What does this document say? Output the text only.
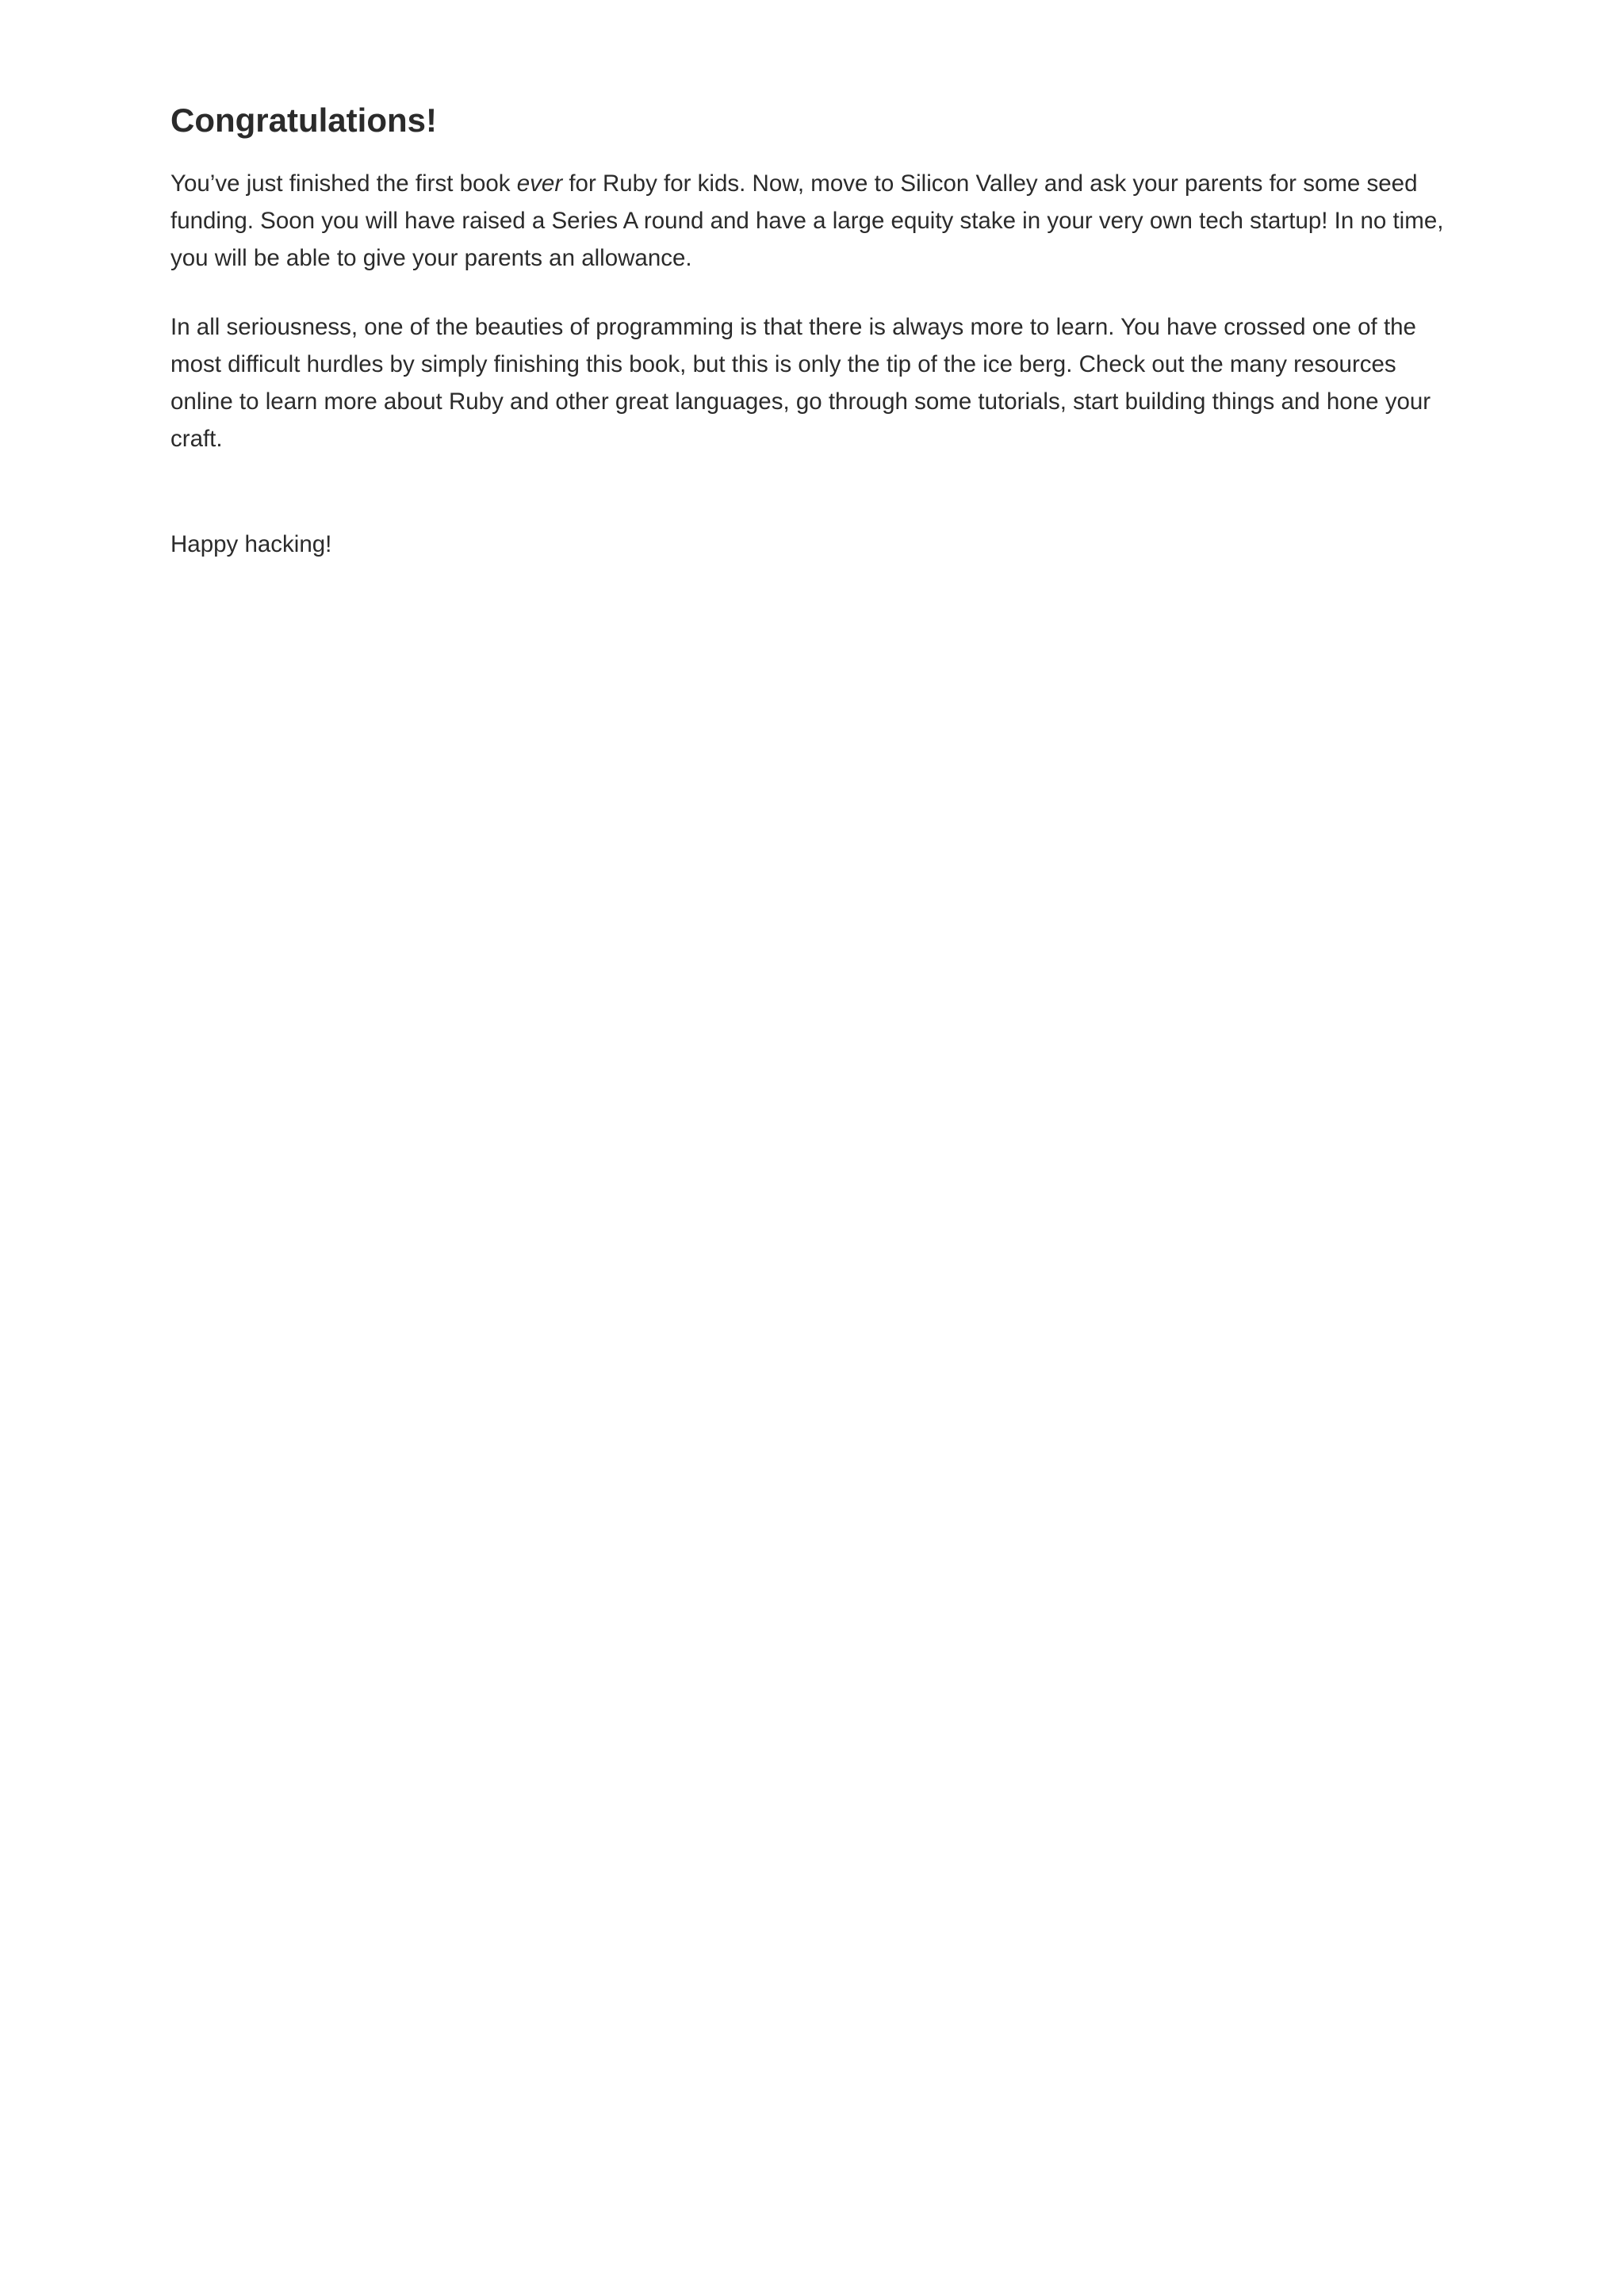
Congratulations!

You’ve just finished the first book ever for Ruby for kids. Now, move to Silicon Valley and ask your parents for some seed funding. Soon you will have raised a Series A round and have a large equity stake in your very own tech startup! In no time, you will be able to give your parents an allowance.

In all seriousness, one of the beauties of programming is that there is always more to learn. You have crossed one of the most difficult hurdles by simply finishing this book, but this is only the tip of the ice berg. Check out the many resources online to learn more about Ruby and other great languages, go through some tutorials, start building things and hone your craft.

Happy hacking!
